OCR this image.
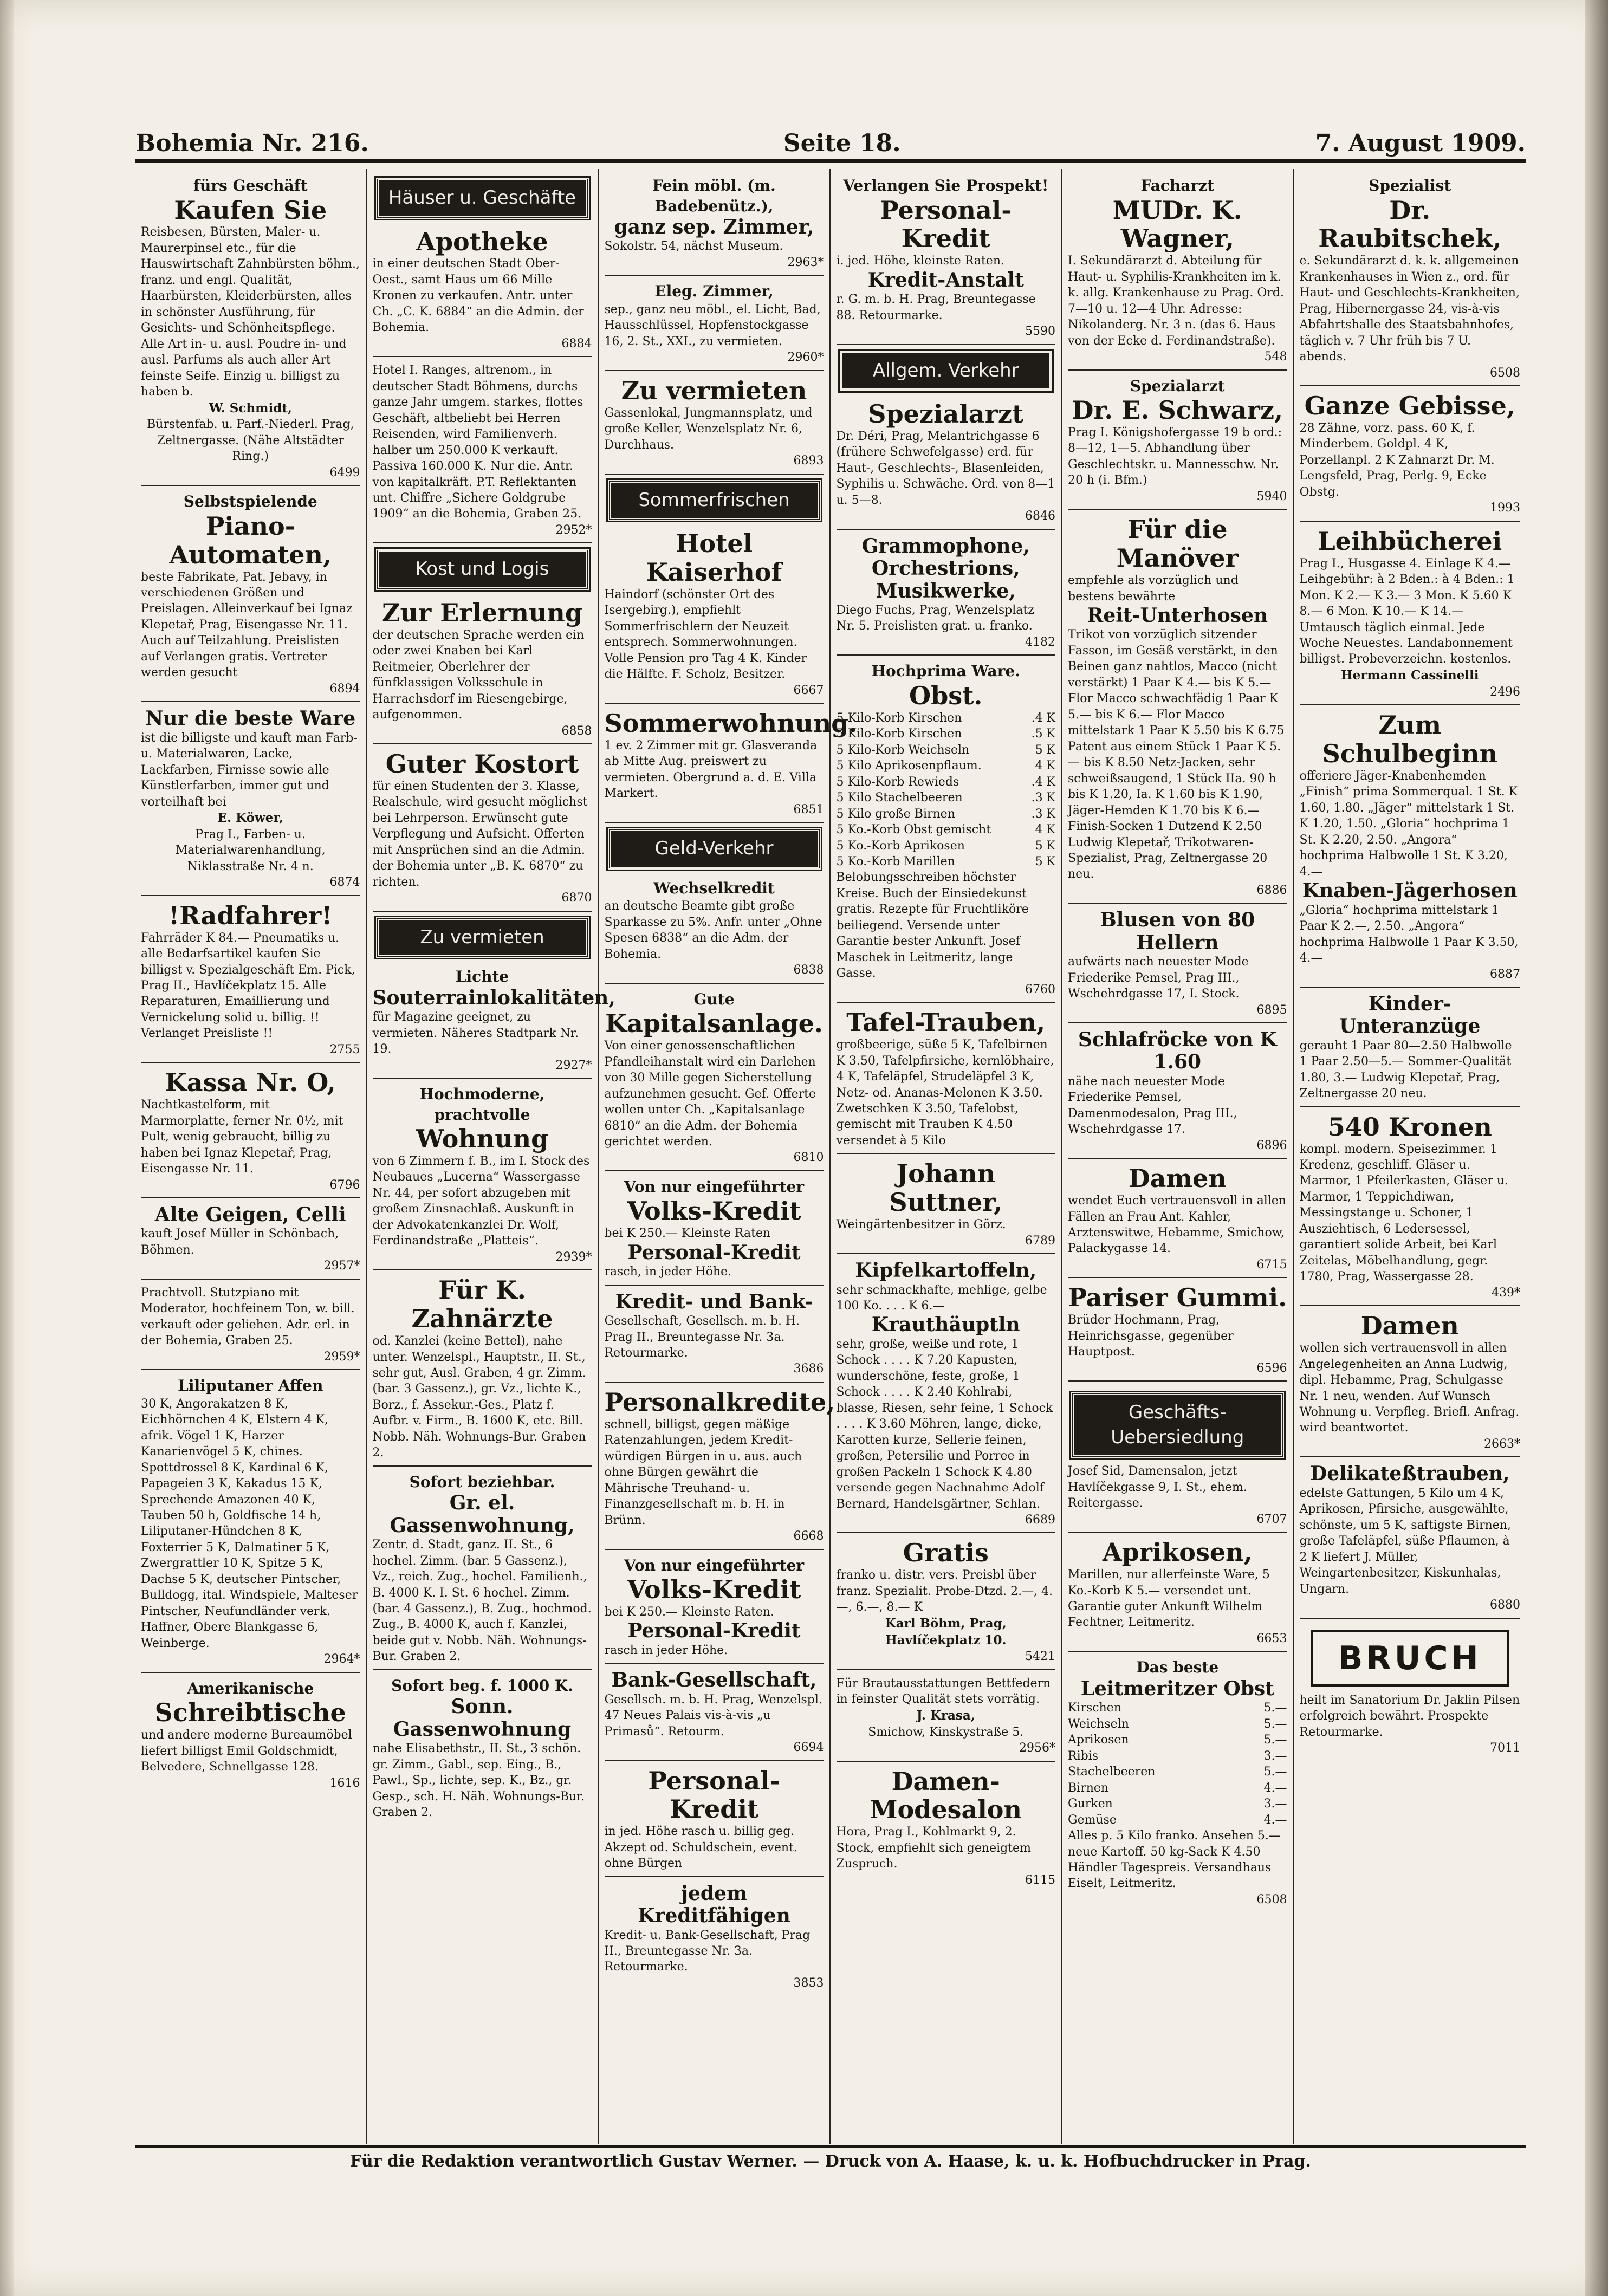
Bohemia Nr. 216.	Seite 18.	7. August 1909.
fürs Geschäft
Kaufen Sie
Reisbesen, Bürsten, Maler- u. Maurerpinsel etc., für die Hauswirtschaft Zahnbürsten böhm., franz. und engl. Qualität, Haarbürsten, Kleiderbürsten, alles in schönster Ausführung, für Gesichts- und Schönheitspflege. Alle Art in- u. ausl. Poudre in- und ausl. Parfums als auch aller Art feinste Seife. Einzig u. billigst zu haben b.
W. Schmidt,
Bürstenfab. u. Parf.-Niederl. Prag, Zeltnergasse. (Nähe Altstädter Ring.)
6499
Selbstspielende
Piano-Automaten,
beste Fabrikate, Pat. Jebavy, in verschiedenen Größen und Preislagen. Alleinverkauf bei Ignaz Klepetař, Prag, Eisengasse Nr. 11. Auch auf Teilzahlung. Preislisten auf Verlangen gratis. Vertreter werden gesucht
6894
Nur die beste Ware
ist die billigste und kauft man Farb- u. Materialwaren, Lacke, Lackfarben, Firnisse sowie alle Künstlerfarben, immer gut und vorteilhaft bei
E. Köwer,
Prag I., Farben- u. Materialwarenhandlung, Niklasstraße Nr. 4 n.
6874
!Radfahrer!
Fahrräder K 84.— Pneumatiks u. alle Bedarfsartikel kaufen Sie billigst v. Spezialgeschäft Em. Pick, Prag II., Havlíčekplatz 15. Alle Reparaturen, Emaillierung und Vernickelung solid u. billig. !! Verlanget Preisliste !!
2755
Kassa Nr. O,
Nachtkastelform, mit Marmorplatte, ferner Nr. 0½, mit Pult, wenig gebraucht, billig zu haben bei Ignaz Klepetař, Prag, Eisengasse Nr. 11.
6796
Alte Geigen, Celli
kauft Josef Müller in Schönbach, Böhmen.
2957*
Prachtvoll. Stutzpiano mit Moderator, hochfeinem Ton, w. bill. verkauft oder geliehen. Adr. erl. in der Bohemia, Graben 25.
2959*
Liliputaner Affen
30 K, Angorakatzen 8 K, Eichhörnchen 4 K, Elstern 4 K, afrik. Vögel 1 K, Harzer Kanarienvögel 5 K, chines. Spottdrossel 8 K, Kardinal 6 K, Papageien 3 K, Kakadus 15 K, Sprechende Amazonen 40 K, Tauben 50 h, Goldfische 14 h, Liliputaner-Hündchen 8 K, Foxterrier 5 K, Dalmatiner 5 K, Zwergrattler 10 K, Spitze 5 K, Dachse 5 K, deutscher Pintscher, Bulldogg, ital. Windspiele, Malteser Pintscher, Neufundländer verk. Haffner, Obere Blankgasse 6, Weinberge.
2964*
Amerikanische
Schreibtische
und andere moderne Bureaumöbel liefert billigst Emil Goldschmidt, Belvedere, Schnellgasse 128.
1616
Häuser u. Geschäfte
Apotheke
in einer deutschen Stadt Ober-Oest., samt Haus um 66 Mille Kronen zu verkaufen. Antr. unter Ch. „C. K. 6884“ an die Admin. der Bohemia.
6884
Hotel I. Ranges, altrenom., in deutscher Stadt Böhmens, durchs ganze Jahr umgem. starkes, flottes Geschäft, altbeliebt bei Herren Reisenden, wird Familienverh. halber um 250.000 K verkauft. Passiva 160.000 K. Nur die. Antr. von kapitalkräft. P.T. Reflektanten unt. Chiffre „Sichere Goldgrube 1909“ an die Bohemia, Graben 25.
2952*
Kost und Logis
Zur Erlernung
der deutschen Sprache werden ein oder zwei Knaben bei Karl Reitmeier, Oberlehrer der fünfklassigen Volksschule in Harrachsdorf im Riesengebirge, aufgenommen.
6858
Guter Kostort
für einen Studenten der 3. Klasse, Realschule, wird gesucht möglichst bei Lehrperson. Erwünscht gute Verpflegung und Aufsicht. Offerten mit Ansprüchen sind an die Admin. der Bohemia unter „B. K. 6870“ zu richten.
6870
Zu vermieten
Lichte
Souterrainlokalitäten,
für Magazine geeignet, zu vermieten. Näheres Stadtpark Nr. 19.
2927*
Hochmoderne, prachtvolle
Wohnung
von 6 Zimmern f. B., im I. Stock des Neubaues „Lucerna“ Wassergasse Nr. 44, per sofort abzugeben mit großem Zinsnachlaß. Auskunft in der Advokatenkanzlei Dr. Wolf, Ferdinandstraße „Platteis“.
2939*
Für K. Zahnärzte
od. Kanzlei (keine Bettel), nahe unter. Wenzelspl., Hauptstr., II. St., sehr gut, Ausl. Graben, 4 gr. Zimm. (bar. 3 Gassenz.), gr. Vz., lichte K., Borz., f. Assekur.-Ges., Platz f. Aufbr. v. Firm., B. 1600 K, etc. Bill. Nobb. Näh. Wohnungs-Bur. Graben 2.
Sofort beziehbar.
Gr. el. Gassenwohnung,
Zentr. d. Stadt, ganz. II. St., 6 hochel. Zimm. (bar. 5 Gassenz.), Vz., reich. Zug., hochel. Familienh., B. 4000 K. I. St. 6 hochel. Zimm. (bar. 4 Gassenz.), B. Zug., hochmod. Zug., B. 4000 K, auch f. Kanzlei, beide gut v. Nobb. Näh. Wohnungs-Bur. Graben 2.
Sofort beg. f. 1000 K.
Sonn. Gassenwohnung
nahe Elisabethstr., II. St., 3 schön. gr. Zimm., Gabl., sep. Eing., B., Pawl., Sp., lichte, sep. K., Bz., gr. Gesp., sch. H. Näh. Wohnungs-Bur. Graben 2.
Fein möbl. (m. Badebenütz.),
ganz sep. Zimmer,
Sokolstr. 54, nächst Museum.
2963*
Eleg. Zimmer,
sep., ganz neu möbl., el. Licht, Bad, Hausschlüssel, Hopfenstockgasse 16, 2. St., XXI., zu vermieten.
2960*
Zu vermieten
Gassenlokal, Jungmannsplatz, und große Keller, Wenzelsplatz Nr. 6, Durchhaus.
6893
Sommerfrischen
Hotel Kaiserhof
Haindorf (schönster Ort des Isergebirg.), empfiehlt Sommerfrischlern der Neuzeit entsprech. Sommerwohnungen. Volle Pension pro Tag 4 K. Kinder die Hälfte. F. Scholz, Besitzer.
6667
Sommerwohnung.
1 ev. 2 Zimmer mit gr. Glasveranda ab Mitte Aug. preiswert zu vermieten. Obergrund a. d. E. Villa Markert.
6851
Geld-Verkehr
Wechselkredit
an deutsche Beamte gibt große Sparkasse zu 5%. Anfr. unter „Ohne Spesen 6838“ an die Adm. der Bohemia.
6838
Gute
Kapitalsanlage.
Von einer genossenschaftlichen Pfandleihanstalt wird ein Darlehen von 30 Mille gegen Sicherstellung aufzunehmen gesucht. Gef. Offerte wollen unter Ch. „Kapitalsanlage 6810“ an die Adm. der Bohemia gerichtet werden.
6810
Von nur eingeführter
Volks-Kredit
bei K 250.— Kleinste Raten
Personal-Kredit
rasch, in jeder Höhe.
Kredit- und Bank-
Gesellschaft, Gesellsch. m. b. H. Prag II., Breuntegasse Nr. 3a. Retourmarke.
3686
Personalkredite,
schnell, billigst, gegen mäßige Ratenzahlungen, jedem Kredit-würdigen Bürgen in u. aus. auch ohne Bürgen gewährt die Mährische Treuhand- u. Finanzgesellschaft m. b. H. in Brünn.
6668
Von nur eingeführter
Volks-Kredit
bei K 250.— Kleinste Raten.
Personal-Kredit
rasch in jeder Höhe.
Bank-Gesellschaft,
Gesellsch. m. b. H. Prag, Wenzelspl. 47 Neues Palais vis-à-vis „u Primasů“. Retourm.
6694
Personal-Kredit
in jed. Höhe rasch u. billig geg. Akzept od. Schuldschein, event. ohne Bürgen
jedem Kreditfähigen
Kredit- u. Bank-Gesellschaft, Prag II., Breuntegasse Nr. 3a. Retourmarke.
3853
Verlangen Sie Prospekt!
Personal-Kredit
i. jed. Höhe, kleinste Raten.
Kredit-Anstalt
r. G. m. b. H. Prag, Breuntegasse 88. Retourmarke.
5590
Allgem. Verkehr
Spezialarzt
Dr. Déri, Prag, Melantrichgasse 6 (frühere Schwefelgasse) erd. für Haut-, Geschlechts-, Blasenleiden, Syphilis u. Schwäche. Ord. von 8—1 u. 5—8.
6846
Grammophone, Orchestrions, Musikwerke,
Diego Fuchs, Prag, Wenzelsplatz Nr. 5. Preislisten grat. u. franko.
4182
Hochprima Ware.
Obst.
5 Kilo-Korb Kirschen	.4 K
5 Kilo-Korb Kirschen	.5 K
5 Kilo-Korb Weichseln	5 K
5 Kilo Aprikosenpflaum.	4 K
5 Kilo-Korb Rewieds	.4 K
5 Kilo Stachelbeeren	.3 K
5 Kilo große Birnen	.3 K
5 Ko.-Korb Obst gemischt	4 K
5 Ko.-Korb Aprikosen	5 K
5 Ko.-Korb Marillen	5 K
Belobungsschreiben höchster Kreise. Buch der Einsiedekunst gratis. Rezepte für Fruchtliköre beiliegend. Versende unter Garantie bester Ankunft. Josef Maschek in Leitmeritz, lange Gasse.
6760
Tafel-Trauben,
großbeerige, süße 5 K, Tafelbirnen K 3.50, Tafelpfirsiche, kernlöbhaire, 4 K, Tafeläpfel, Strudeläpfel 3 K, Netz- od. Ananas-Melonen K 3.50. Zwetschken K 3.50, Tafelobst, gemischt mit Trauben K 4.50 versendet à 5 Kilo
Johann Suttner,
Weingärtenbesitzer in Görz.
6789
Kipfelkartoffeln,
sehr schmackhafte, mehlige, gelbe 100 Ko. . . . K 6.—
Krauthäuptln
sehr, große, weiße und rote, 1 Schock . . . . K 7.20 Kapusten, wunderschöne, feste, große, 1 Schock . . . . K 2.40 Kohlrabi, blasse, Riesen, sehr feine, 1 Schock . . . . K 3.60 Möhren, lange, dicke, Karotten kurze, Sellerie feinen, großen, Petersilie und Porree in großen Packeln 1 Schock K 4.80 versende gegen Nachnahme Adolf Bernard, Handelsgärtner, Schlan.
6689
Gratis
franko u. distr. vers. Preisbl über franz. Spezialit. Probe-Dtzd. 2.—, 4.—, 6.—, 8.— K
Karl Böhm, Prag, Havlíčekplatz 10.
5421
Für Brautausstattungen Bettfedern in feinster Qualität stets vorrätig.
J. Krasa,
Smichow, Kinskystraße 5.
2956*
Damen-Modesalon
Hora, Prag I., Kohlmarkt 9, 2. Stock, empfiehlt sich geneigtem Zuspruch.
6115
Facharzt
MUDr. K. Wagner,
I. Sekundärarzt d. Abteilung für Haut- u. Syphilis-Krankheiten im k. k. allg. Krankenhause zu Prag. Ord. 7—10 u. 12—4 Uhr. Adresse: Nikolanderg. Nr. 3 n. (das 6. Haus von der Ecke d. Ferdinandstraße).
548
Spezialarzt
Dr. E. Schwarz,
Prag I. Königshofergasse 19 b ord.: 8—12, 1—5. Abhandlung über Geschlechtskr. u. Mannesschw. Nr. 20 h (i. Bfm.)
5940
Für die Manöver
empfehle als vorzüglich und bestens bewährte
Reit-Unterhosen
Trikot von vorzüglich sitzender Fasson, im Gesäß verstärkt, in den Beinen ganz nahtlos, Macco (nicht verstärkt) 1 Paar K 4.— bis K 5.— Flor Macco schwachfädig 1 Paar K 5.— bis K 6.— Flor Macco mittelstark 1 Paar K 5.50 bis K 6.75 Patent aus einem Stück 1 Paar K 5.— bis K 8.50 Netz-Jacken, sehr schweißsaugend, 1 Stück IIa. 90 h bis K 1.20, Ia. K 1.60 bis K 1.90, Jäger-Hemden K 1.70 bis K 6.— Finish-Socken 1 Dutzend K 2.50 Ludwig Klepetař, Trikotwaren-Spezialist, Prag, Zeltnergasse 20 neu.
6886
Blusen von 80 Hellern
aufwärts nach neuester Mode Friederike Pemsel, Prag III., Wschehrdgasse 17, I. Stock.
6895
Schlafröcke von K 1.60
nähe nach neuester Mode Friederike Pemsel, Damenmodesalon, Prag III., Wschehrdgasse 17.
6896
Damen
wendet Euch vertrauensvoll in allen Fällen an Frau Ant. Kahler, Arztenswitwe, Hebamme, Smichow, Palackygasse 14.
6715
Pariser Gummi.
Brüder Hochmann, Prag, Heinrichsgasse, gegenüber Hauptpost.
6596
Geschäfts-Uebersiedlung
Josef Sid, Damensalon, jetzt Havlíčekgasse 9, I. St., ehem. Reitergasse.
6707
Aprikosen,
Marillen, nur allerfeinste Ware, 5 Ko.-Korb K 5.— versendet unt. Garantie guter Ankunft Wilhelm Fechtner, Leitmeritz.
6653
Das beste
Leitmeritzer Obst
Kirschen	5.—
Weichseln	5.—
Aprikosen	5.—
Ribis	3.—
Stachelbeeren	5.—
Birnen	4.—
Gurken	3.—
Gemüse	4.—
Alles p. 5 Kilo franko. Ansehen 5.— neue Kartoff. 50 kg-Sack K 4.50 Händler Tagespreis. Versandhaus Eiselt, Leitmeritz.
6508
Spezialist
Dr. Raubitschek,
e. Sekundärarzt d. k. k. allgemeinen Krankenhauses in Wien z., ord. für Haut- und Geschlechts-Krankheiten, Prag, Hibernergasse 24, vis-à-vis Abfahrtshalle des Staatsbahnhofes, täglich v. 7 Uhr früh bis 7 U. abends.
6508
Ganze Gebisse,
28 Zähne, vorz. pass. 60 K, f. Minderbem. Goldpl. 4 K, Porzellanpl. 2 K Zahnarzt Dr. M. Lengsfeld, Prag, Perlg. 9, Ecke Obstg.
1993
Leihbücherei
Prag I., Husgasse 4. Einlage K 4.— Leihgebühr: à 2 Bden.: à 4 Bden.: 1 Mon. K 2.— K 3.— 3 Mon. K 5.60 K 8.— 6 Mon. K 10.— K 14.— Umtausch täglich einmal. Jede Woche Neuestes. Landabonnement billigst. Probeverzeichn. kostenlos.
Hermann Cassinelli
2496
Zum Schulbeginn
offeriere Jäger-Knabenhemden „Finish“ prima Sommerqual. 1 St. K 1.60, 1.80. „Jäger“ mittelstark 1 St. K 1.20, 1.50. „Gloria“ hochprima 1 St. K 2.20, 2.50. „Angora“ hochprima Halbwolle 1 St. K 3.20, 4.—
Knaben-Jägerhosen
„Gloria“ hochprima mittelstark 1 Paar K 2.—, 2.50. „Angora“ hochprima Halbwolle 1 Paar K 3.50, 4.—
6887
Kinder-Unteranzüge
gerauht 1 Paar 80—2.50 Halbwolle 1 Paar 2.50—5.— Sommer-Qualität 1.80, 3.— Ludwig Klepetař, Prag, Zeltnergasse 20 neu.
540 Kronen
kompl. modern. Speisezimmer. 1 Kredenz, geschliff. Gläser u. Marmor, 1 Pfeilerkasten, Gläser u. Marmor, 1 Teppichdiwan, Messingstange u. Schoner, 1 Ausziehtisch, 6 Ledersessel, garantiert solide Arbeit, bei Karl Zeitelas, Möbelhandlung, gegr. 1780, Prag, Wassergasse 28.
439*
Damen
wollen sich vertrauensvoll in allen Angelegenheiten an Anna Ludwig, dipl. Hebamme, Prag, Schulgasse Nr. 1 neu, wenden. Auf Wunsch Wohnung u. Verpfleg. Briefl. Anfrag. wird beantwortet.
2663*
Delikateßtrauben,
edelste Gattungen, 5 Kilo um 4 K, Aprikosen, Pfirsiche, ausgewählte, schönste, um 5 K, saftigste Birnen, große Tafeläpfel, süße Pflaumen, à 2 K liefert J. Müller, Weingartenbesitzer, Kiskunhalas, Ungarn.
6880
BRUCH
heilt im Sanatorium Dr. Jaklin Pilsen erfolgreich bewährt. Prospekte Retourmarke.
7011
Für die Redaktion verantwortlich Gustav Werner. — Druck von A. Haase, k. u. k. Hofbuchdrucker in Prag.
